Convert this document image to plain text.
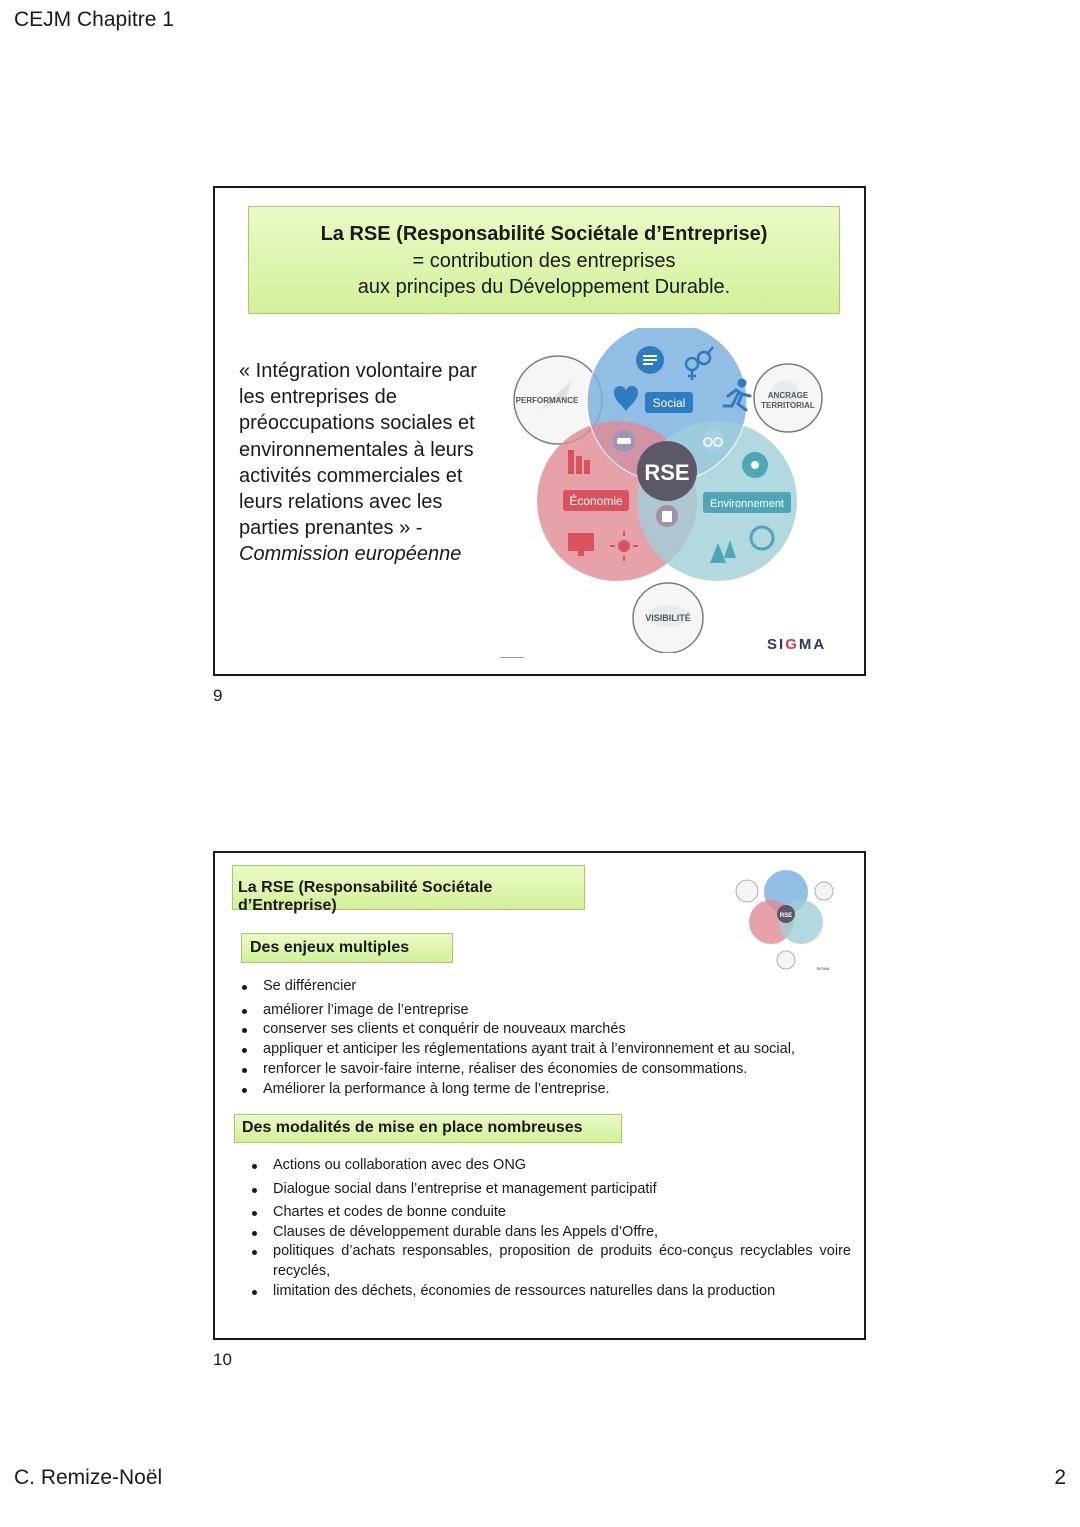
CEJM Chapitre 1
La RSE (Responsabilité Sociétale d’Entreprise)
= contribution des entreprises
aux principes du Développement Durable.
« Intégration volontaire par les entreprises de préoccupations sociales et environnementales à leurs activités commerciales et leurs relations avec les parties prenantes » -
Commission européenne
RSE
Social
Économie	Environnement
PERFORMANCE
ANCRAGE
TERRITORIAL
VISIBILITÉ
SIGMA
9
La RSE (Responsabilité Sociétale d’Entreprise)
RSE
SIGMA
Des enjeux multiples
Se différencier
améliorer l’image de l’entreprise
conserver ses clients et conquérir de nouveaux marchés
appliquer et anticiper les réglementations ayant trait à l’environnement et au social,
renforcer le savoir-faire interne, réaliser des économies de consommations.
Améliorer la performance à long terme de l’entreprise.
Des modalités de mise en place nombreuses
Actions ou collaboration avec des ONG
Dialogue social dans l’entreprise et management participatif
Chartes et codes de bonne conduite
Clauses de développement durable dans les Appels d’Offre,
politiques d’achats responsables, proposition de produits éco-conçus recyclables voire recyclés,
limitation des déchets, économies de ressources naturelles dans la production
10
C. Remize-Noël	2
